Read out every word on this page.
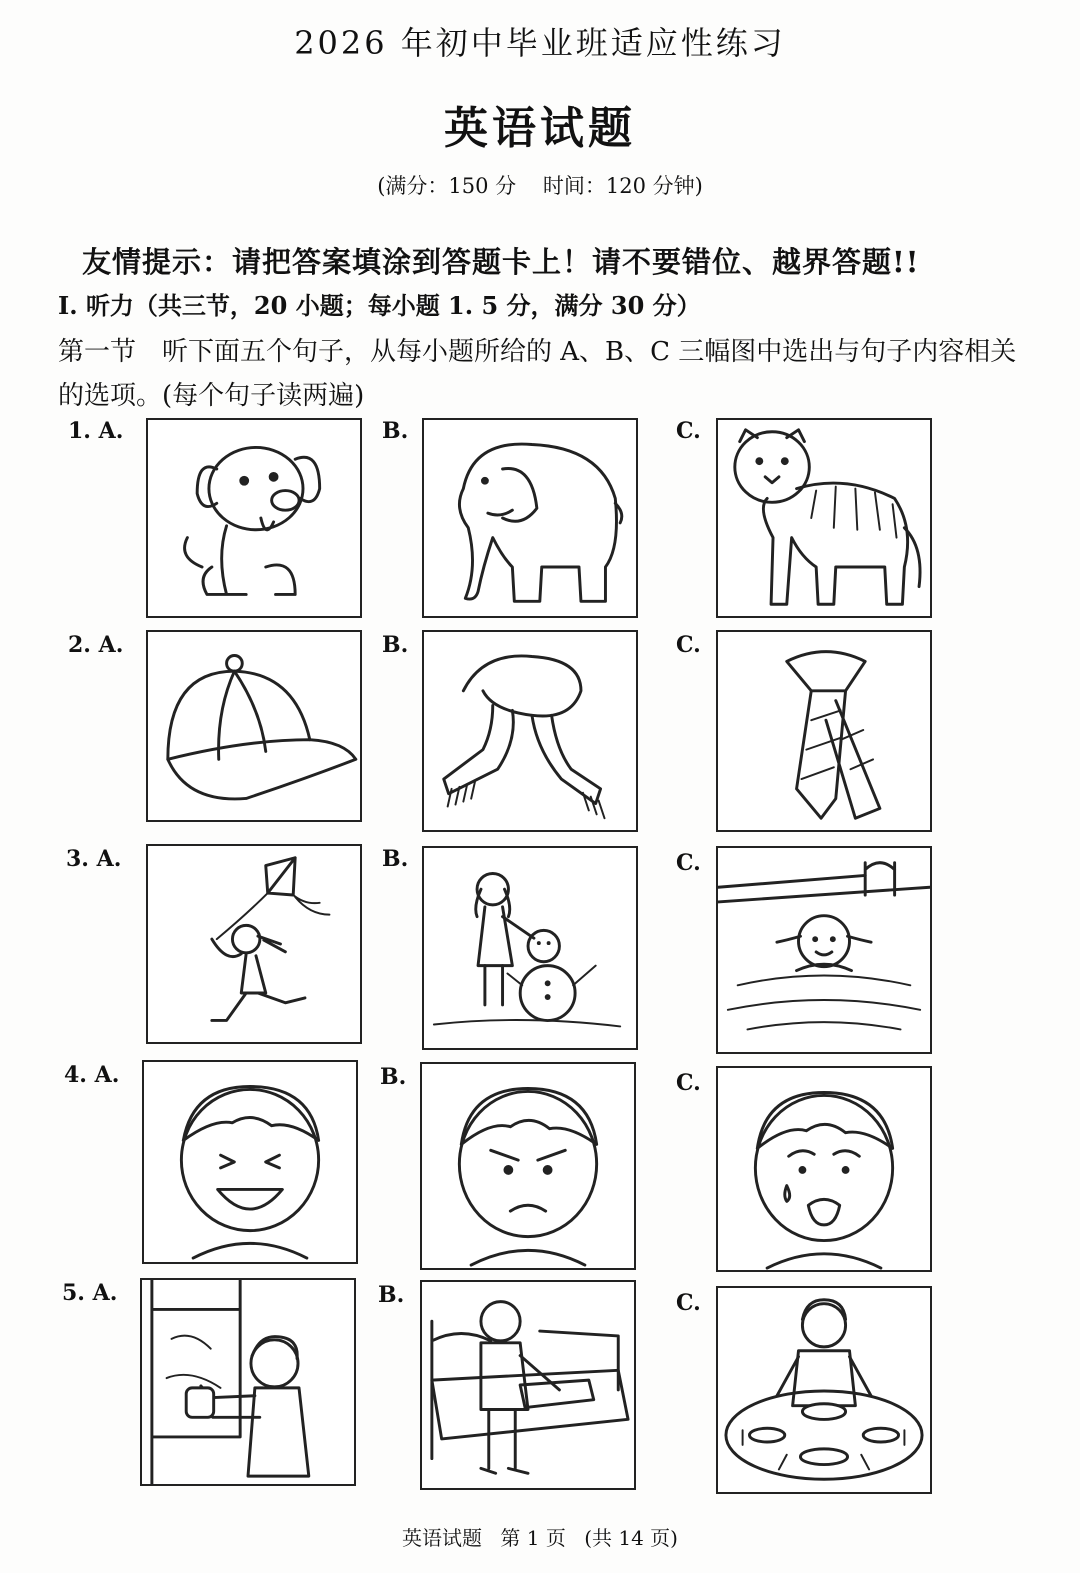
2026 年初中毕业班适应性练习
英语试题
(满分：150 分 时间：120 分钟)
友情提示：请把答案填涂到答题卡上！请不要错位、越界答题!!
Ⅰ. 听力（共三节，20 小题；每小题 1. 5 分，满分 30 分）
第一节　听下面五个句子，从每小题所给的 A、B、C 三幅图中选出与句子内容相关的选项。(每个句子读两遍)
1. A.	B.	C.
2. A.	B.	C.
3. A.	B.	C.
4. A.	B.	C.
5. A.	B.	C.
英语试题 第 1 页 (共 14 页)
